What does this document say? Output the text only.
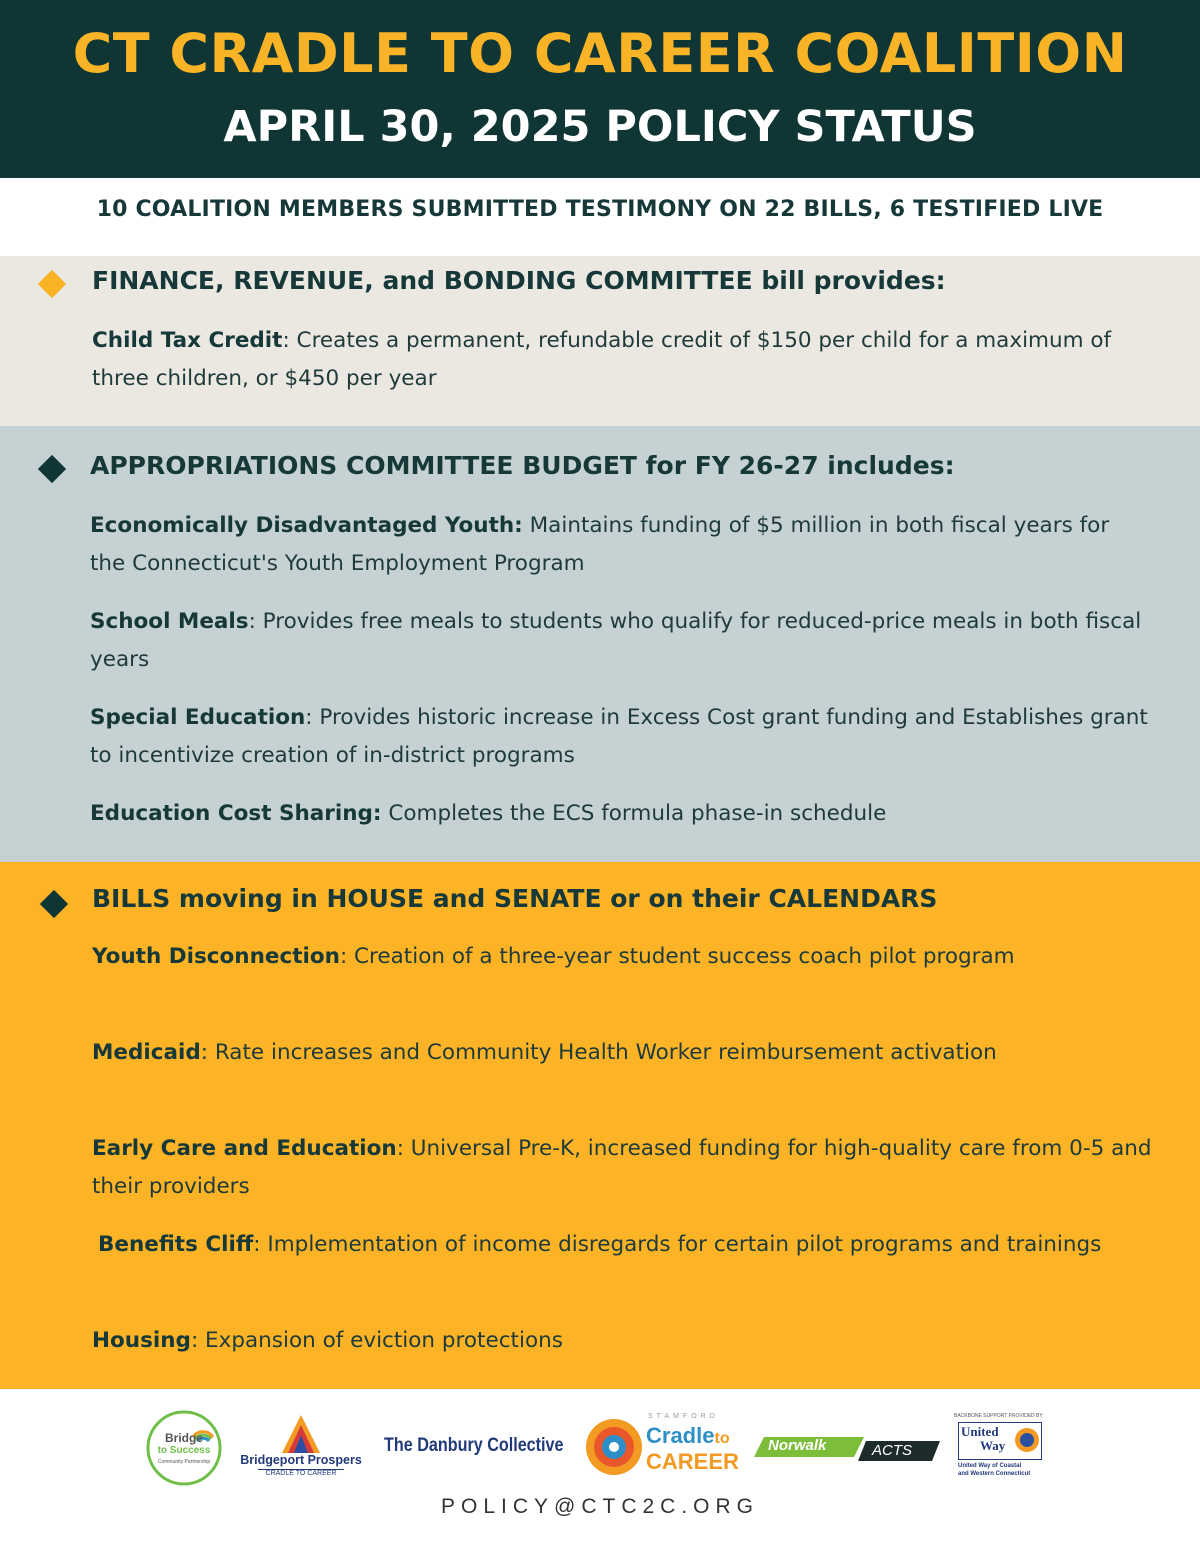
CT CRADLE TO CAREER COALITION
APRIL 30, 2025 POLICY STATUS
10 COALITION MEMBERS SUBMITTED TESTIMONY ON 22 BILLS, 6 TESTIFIED LIVE
FINANCE, REVENUE, and BONDING COMMITTEE bill provides:
Child Tax Credit: Creates a permanent, refundable credit of $150 per child for a maximum of three children, or $450 per year
APPROPRIATIONS COMMITTEE BUDGET for FY 26-27 includes:
Economically Disadvantaged Youth: Maintains funding of $5 million in both fiscal years for the Connecticut's Youth Employment Program
School Meals: Provides free meals to students who qualify for reduced-price meals in both fiscal years
Special Education: Provides historic increase in Excess Cost grant funding and Establishes grant to incentivize creation of in-district programs
Education Cost Sharing: Completes the ECS formula phase-in schedule
BILLS moving in HOUSE and SENATE or on their CALENDARS
Youth Disconnection: Creation of a three-year student success coach pilot program
Medicaid: Rate increases and Community Health Worker reimbursement activation
Early Care and Education: Universal Pre-K, increased funding for high-quality care from 0-5 and their providers
Benefits Cliff: Implementation of income disregards for certain pilot programs and trainings
Housing: Expansion of eviction protections
Bridge
to Success
Community Partnership	Bridgeport Prospers
CRADLE TO CAREER
The Danbury Collective
STAMFORD
Cradleto
CAREER
Norwalk	ACTS
BACKBONE SUPPORT PROVIDED BY
United
Way
United Way of Coastal
and Western Connecticut
POLICY@CTC2C.ORG
